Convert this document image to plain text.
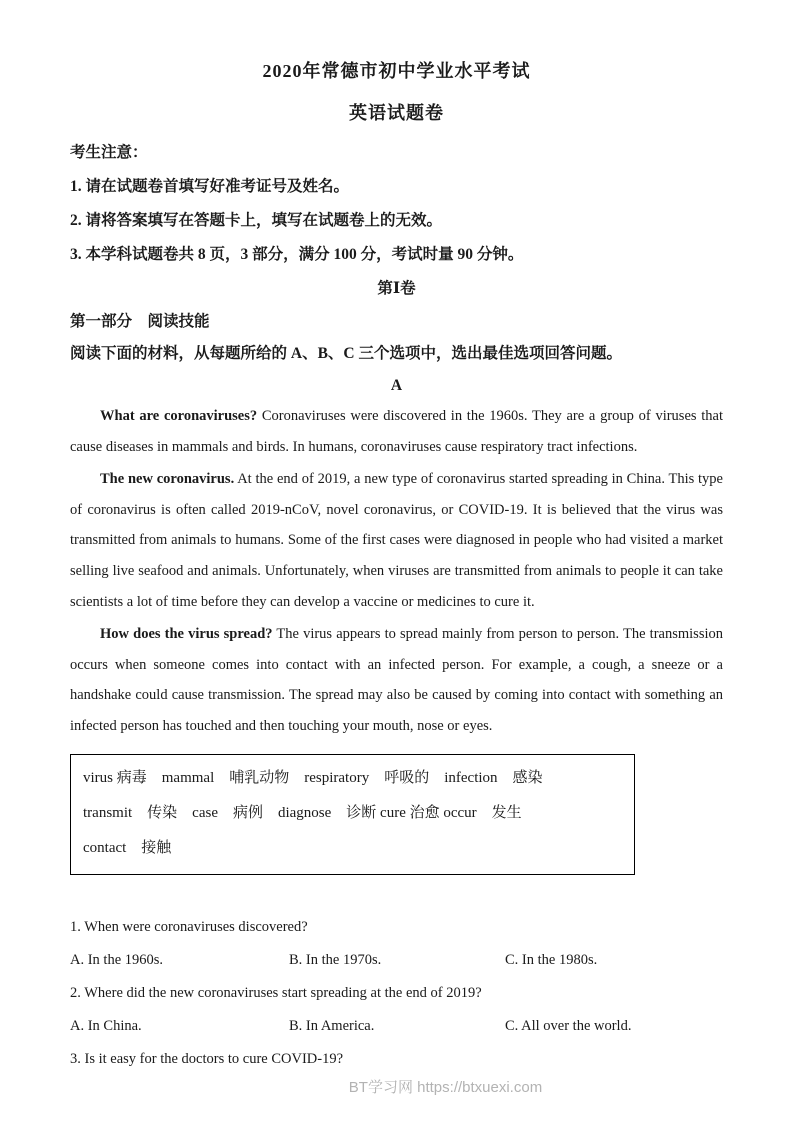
2020年常德市初中学业水平考试
英语试题卷

考生注意：

1. 请在试题卷首填写好准考证号及姓名。

2. 请将答案填写在答题卡上，填写在试题卷上的无效。

3. 本学科试题卷共 8 页，3 部分，满分 100 分，考试时量 90 分钟。

第Ⅰ卷

第一部分　阅读技能

阅读下面的材料，从每题所给的 A、B、C 三个选项中，选出最佳选项回答问题。

A

What are coronaviruses? Coronaviruses were discovered in the 1960s. They are a group of viruses that cause diseases in mammals and birds. In humans, coronaviruses cause respiratory tract infections.

The new coronavirus. At the end of 2019, a new type of coronavirus started spreading in China. This type of coronavirus is often called 2019-nCoV, novel coronavirus, or COVID-19. It is believed that the virus was transmitted from animals to humans. Some of the first cases were diagnosed in people who had visited a market selling live seafood and animals. Unfortunately, when viruses are transmitted from animals to people it can take scientists a lot of time before they can develop a vaccine or medicines to cure it.

How does the virus spread? The virus appears to spread mainly from person to person. The transmission occurs when someone comes into contact with an infected person. For example, a cough, a sneeze or a handshake could cause transmission. The spread may also be caused by coming into contact with something an infected person has touched and then touching your mouth, nose or eyes.

virus 病毒　mammal　哺乳动物　respiratory　呼吸的　infection　感染

transmit　传染　case　病例　diagnose　诊断 cure 治愈 occur　发生

contact　接触

1. When were coronaviruses discovered?

A. In the 1960s.	B. In the 1970s.	C. In the 1980s.

2. Where did the new coronaviruses start spreading at the end of 2019?

A. In China.	B. In America.	C. All over the world.

3. Is it easy for the doctors to cure COVID-19?

BT学习网 https://btxuexi.com
